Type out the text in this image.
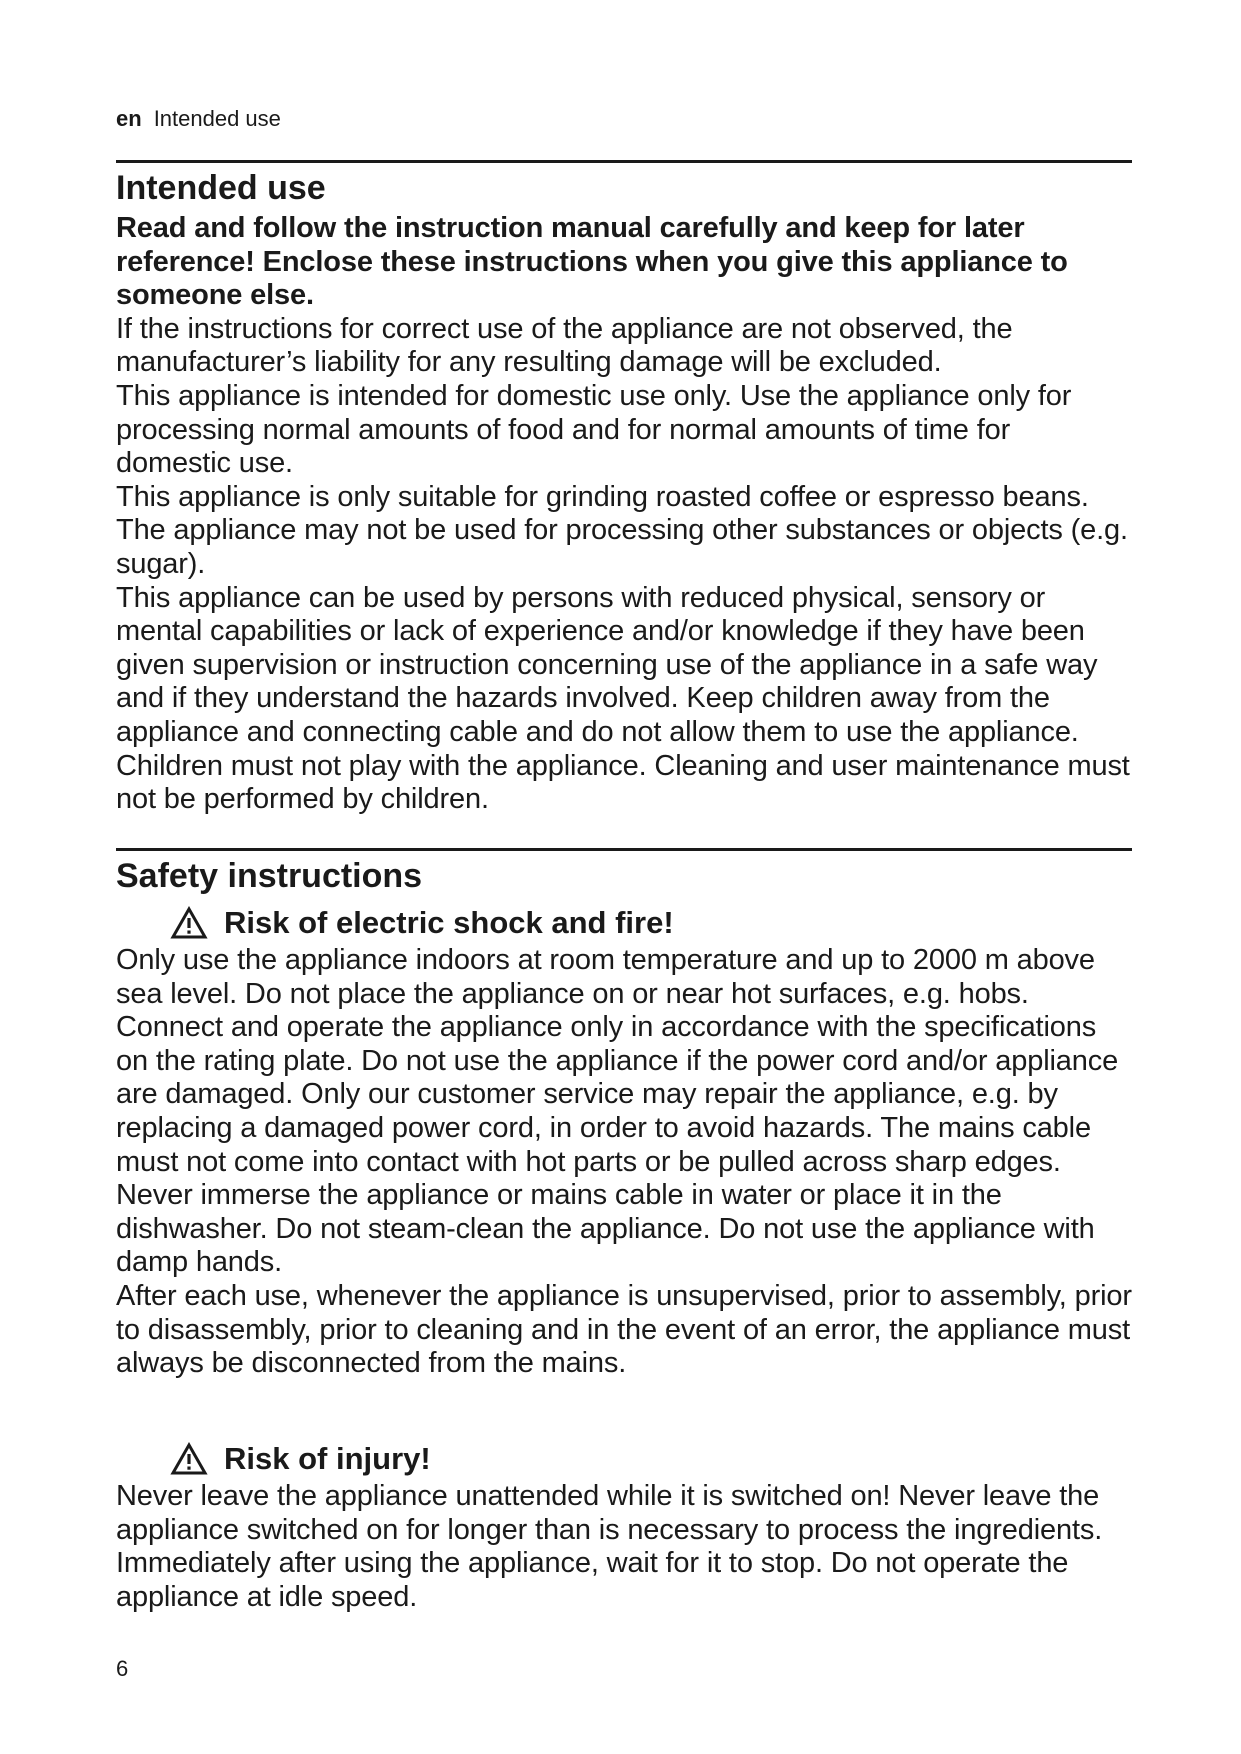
en Intended use
Intended use

Read and follow the instruction manual carefully and keep for later reference! Enclose these instructions when you give this appliance to someone else.

If the instructions for correct use of the appliance are not observed, the manufacturer’s liability for any resulting damage will be excluded.

This appliance is intended for domestic use only. Use the appliance only for processing normal amounts of food and for normal amounts of time for domestic use.

This appliance is only suitable for grinding roasted coffee or espresso beans. The appliance may not be used for processing other substances or objects (e.g. sugar).

This appliance can be used by persons with reduced physical, sensory or mental capabilities or lack of experience and/or knowledge if they have been given supervision or instruction concerning use of the appliance in a safe way and if they understand the hazards involved. Keep children away from the appliance and connecting cable and do not allow them to use the appliance. Children must not play with the appliance. Cleaning and user maintenance must not be performed by children.

Safety instructions
Risk of electric shock and fire!

Only use the appliance indoors at room temperature and up to 2000 m above sea level. Do not place the appliance on or near hot surfaces, e.g. hobs.

Connect and operate the appliance only in accordance with the specifications on the rating plate. Do not use the appliance if the power cord and/or appliance are damaged. Only our customer service may repair the appliance, e.g. by replacing a damaged power cord, in order to avoid hazards. The mains cable must not come into contact with hot parts or be pulled across sharp edges.

Never immerse the appliance or mains cable in water or place it in the dishwasher. Do not steam-clean the appliance. Do not use the appliance with damp hands.

After each use, whenever the appliance is unsupervised, prior to assembly, prior to disassembly, prior to cleaning and in the event of an error, the appliance must always be disconnected from the mains.

Risk of injury!

Never leave the appliance unattended while it is switched on! Never leave the appliance switched on for longer than is necessary to process the ingredients. Immediately after using the appliance, wait for it to stop. Do not operate the appliance at idle speed.

6
